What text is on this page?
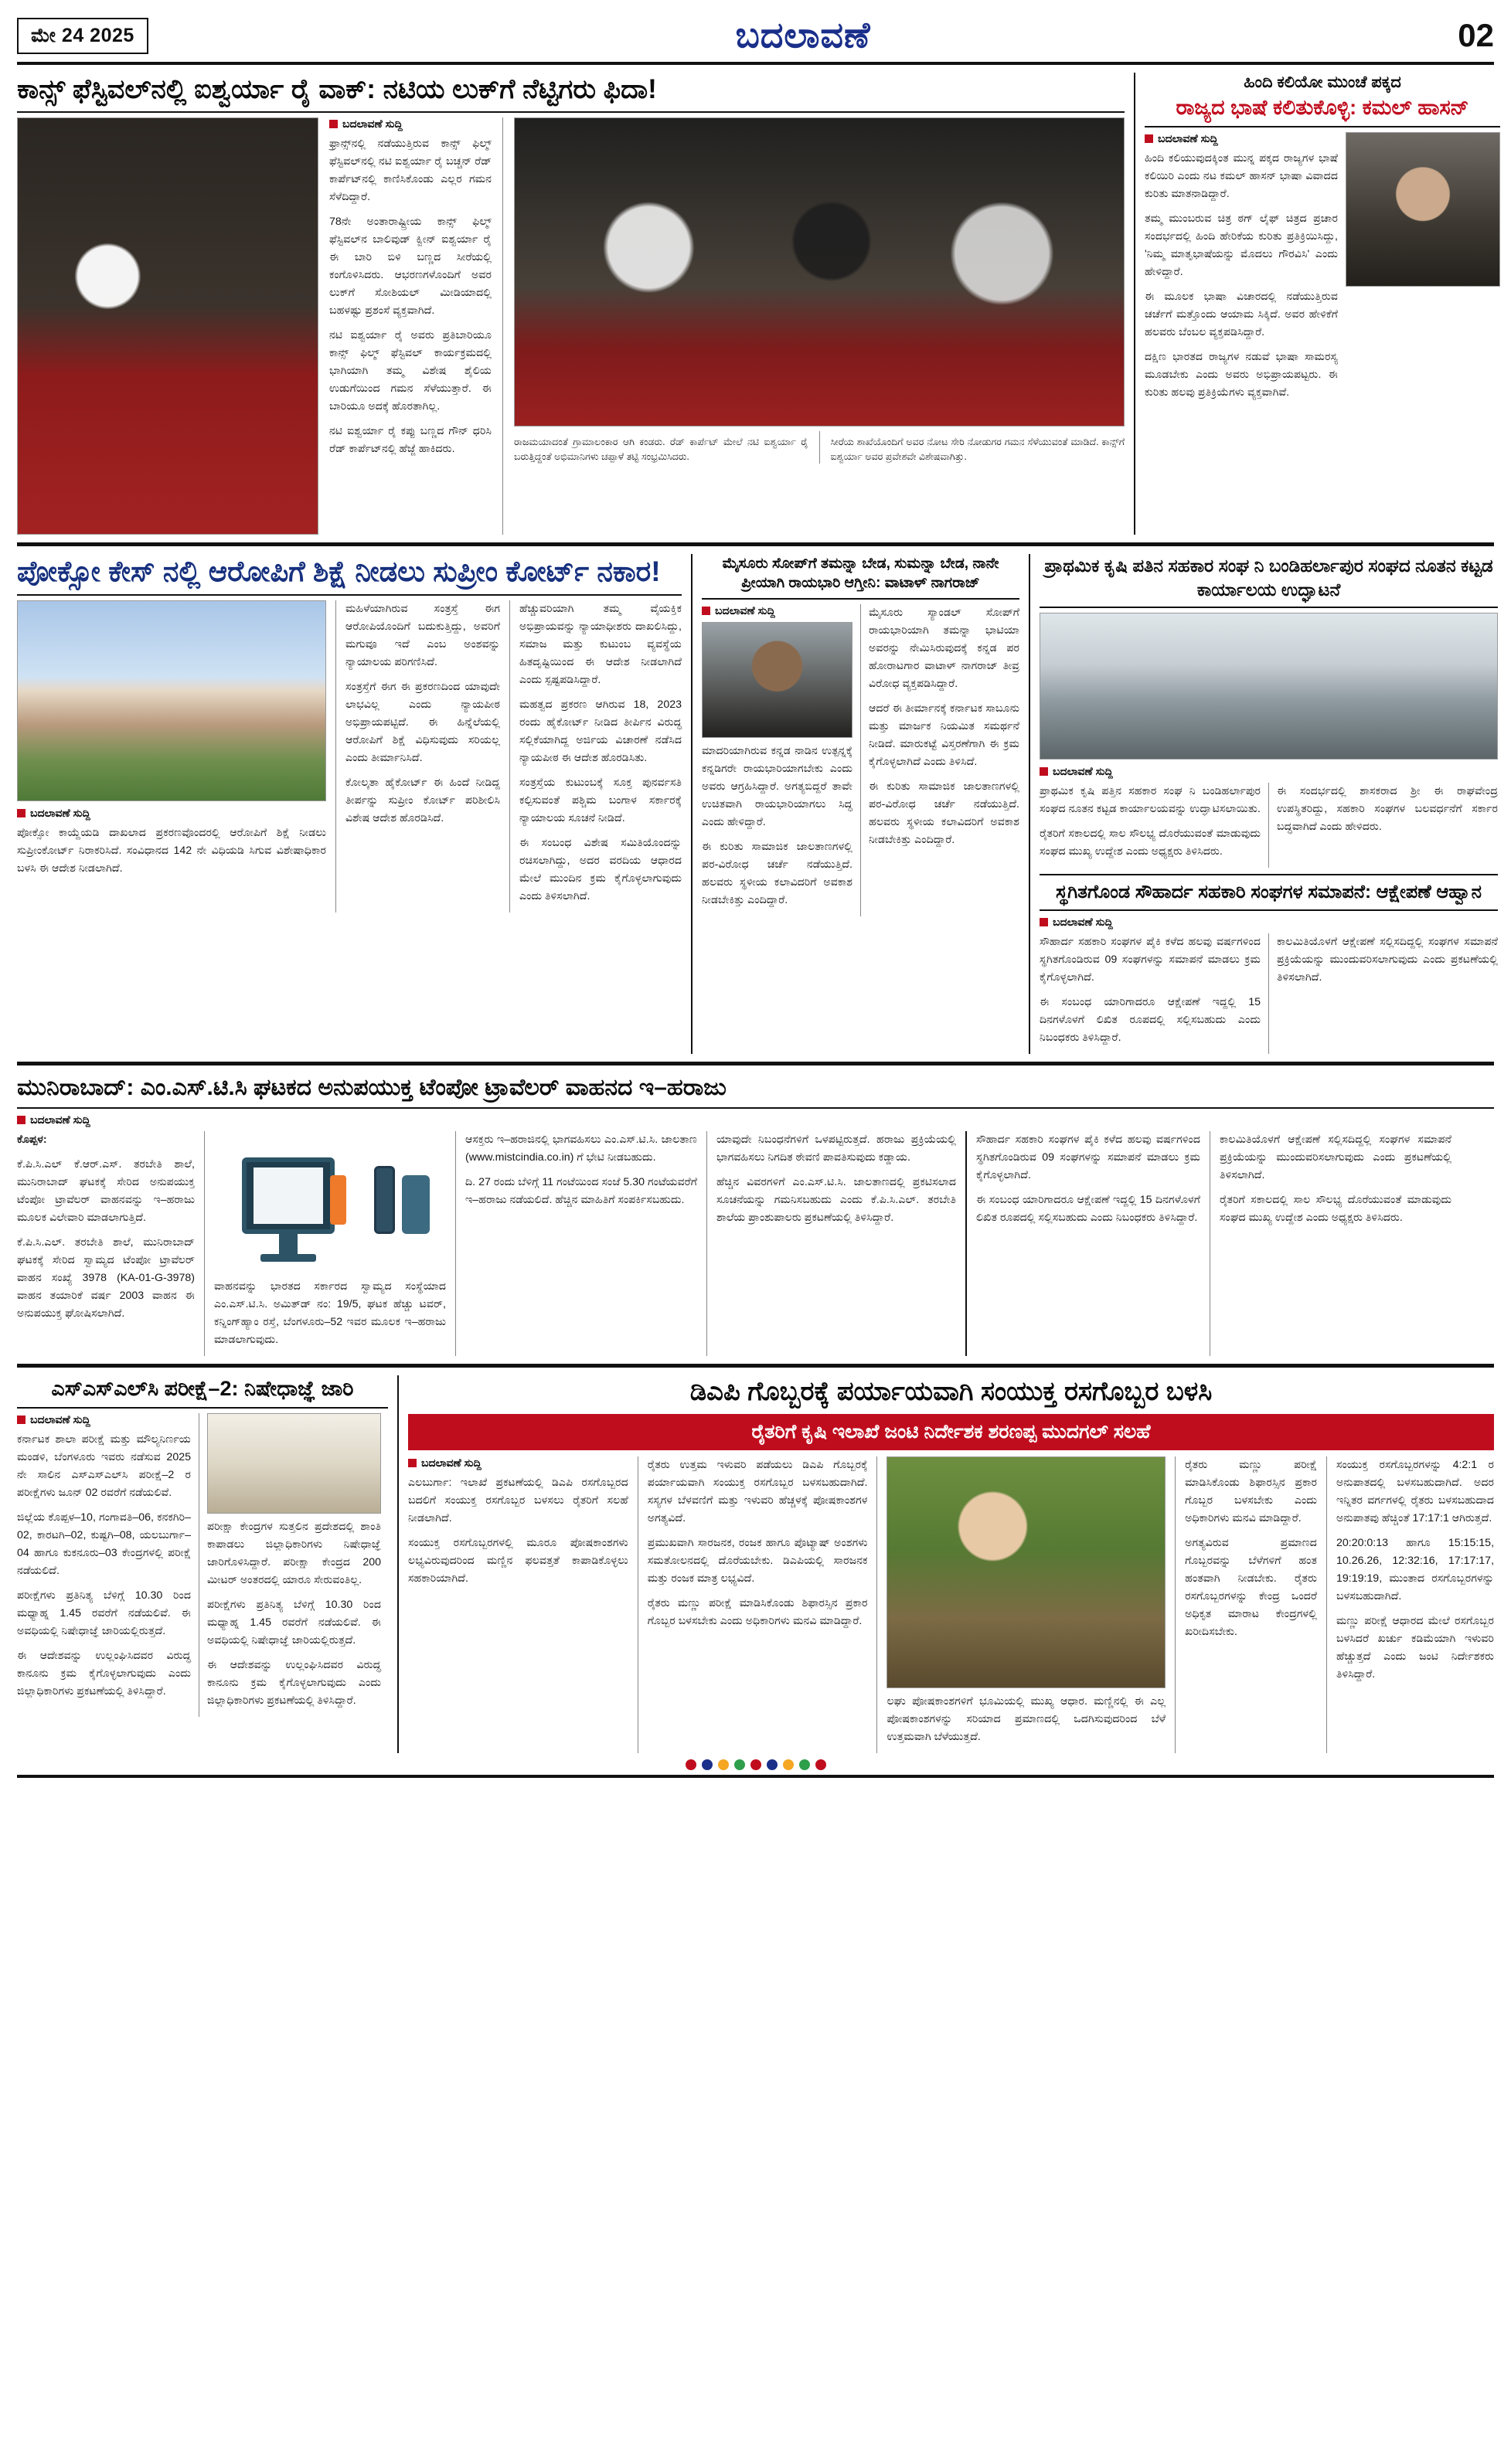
ಮೇ 24 2025	ಬದಲಾವಣೆ	02
ಕಾನ್ಸ್ ಫೆಸ್ಟಿವಲ್‌ನಲ್ಲಿ ಐಶ್ವರ್ಯಾ ರೈ ವಾಕ್: ನಟಿಯ ಲುಕ್‌ಗೆ ನೆಟ್ಟಿಗರು ಫಿದಾ!
ಬದಲಾವಣೆ ಸುದ್ದಿ

ಫ್ರಾನ್ಸ್‌ನಲ್ಲಿ ನಡೆಯುತ್ತಿರುವ ಕಾನ್ಸ್ ಫಿಲ್ಮ್ ಫೆಸ್ಟಿವಲ್‌ನಲ್ಲಿ ನಟಿ ಐಶ್ವರ್ಯಾ ರೈ ಬಚ್ಚನ್ ರೆಡ್ ಕಾರ್ಪೆಟ್‌ನಲ್ಲಿ ಕಾಣಿಸಿಕೊಂಡು ಎಲ್ಲರ ಗಮನ ಸೆಳೆದಿದ್ದಾರೆ.

78ನೇ ಅಂತಾರಾಷ್ಟ್ರೀಯ ಕಾನ್ಸ್ ಫಿಲ್ಮ್ ಫೆಸ್ಟಿವಲ್‌ನ ಬಾಲಿವುಡ್ ಕ್ವೀನ್ ಐಶ್ವರ್ಯಾ ರೈ ಈ ಬಾರಿ ಬಿಳಿ ಬಣ್ಣದ ಸೀರೆಯಲ್ಲಿ ಕಂಗೊಳಿಸಿದರು. ಆಭರಣಗಳೊಂದಿಗೆ ಅವರ ಲುಕ್‌ಗೆ ಸೋಶಿಯಲ್ ಮೀಡಿಯಾದಲ್ಲಿ ಬಹಳಷ್ಟು ಪ್ರಶಂಸೆ ವ್ಯಕ್ತವಾಗಿದೆ.

ನಟಿ ಐಶ್ವರ್ಯಾ ರೈ ಅವರು ಪ್ರತಿಬಾರಿಯೂ ಕಾನ್ಸ್ ಫಿಲ್ಮ್ ಫೆಸ್ಟಿವಲ್ ಕಾರ್ಯಕ್ರಮದಲ್ಲಿ ಭಾಗಿಯಾಗಿ ತಮ್ಮ ವಿಶೇಷ ಶೈಲಿಯ ಉಡುಗೆಯಿಂದ ಗಮನ ಸೆಳೆಯುತ್ತಾರೆ. ಈ ಬಾರಿಯೂ ಅದಕ್ಕೆ ಹೊರತಾಗಿಲ್ಲ.

ನಟಿ ಐಶ್ವರ್ಯಾ ರೈ ಕಪ್ಪು ಬಣ್ಣದ ಗೌನ್ ಧರಿಸಿ ರೆಡ್ ಕಾರ್ಪೆಟ್‌ನಲ್ಲಿ ಹೆಜ್ಜೆ ಹಾಕಿದರು.

ರಾಜಮಯಾದಂತೆ ಗ್ರಾಮಾಲಂಕಾರ ಆಗಿ ಕಂಡರು. ರೆಡ್ ಕಾರ್ಪೆಟ್ ಮೇಲೆ ನಟಿ ಐಶ್ವರ್ಯಾ ರೈ ಬರುತ್ತಿದ್ದಂತೆ ಅಭಿಮಾನಿಗಳು ಚಪ್ಪಾಳೆ ತಟ್ಟಿ ಸಂಭ್ರಮಿಸಿದರು.
ಸೀರೆಯ ಶಾಖೆಯೊಂದಿಗೆ ಅವರ ನೋಟ ಸೇರಿ ನೋಡುಗರ ಗಮನ ಸೆಳೆಯುವಂತೆ ಮಾಡಿದೆ. ಕಾನ್ಸ್‌ಗೆ ಐಶ್ವರ್ಯಾ ಅವರ ಪ್ರವೇಶವೇ ವಿಶೇಷವಾಗಿತ್ತು.
ಹಿಂದಿ ಕಲಿಯೋ ಮುಂಚೆ ಪಕ್ಕದ
ರಾಜ್ಯದ ಭಾಷೆ ಕಲಿತುಕೊಳ್ಳಿ: ಕಮಲ್ ಹಾಸನ್
ಬದಲಾವಣೆ ಸುದ್ದಿ

ಹಿಂದಿ ಕಲಿಯುವುದಕ್ಕಿಂತ ಮುನ್ನ ಪಕ್ಕದ ರಾಜ್ಯಗಳ ಭಾಷೆ ಕಲಿಯಿರಿ ಎಂದು ನಟ ಕಮಲ್ ಹಾಸನ್ ಭಾಷಾ ವಿವಾದದ ಕುರಿತು ಮಾತನಾಡಿದ್ದಾರೆ.

ತಮ್ಮ ಮುಂಬರುವ ಚಿತ್ರ ಠಗ್ ಲೈಫ್ ಚಿತ್ರದ ಪ್ರಚಾರ ಸಂದರ್ಭದಲ್ಲಿ ಹಿಂದಿ ಹೇರಿಕೆಯ ಕುರಿತು ಪ್ರತಿಕ್ರಿಯಿಸಿದ್ದು, 'ನಿಮ್ಮ ಮಾತೃಭಾಷೆಯನ್ನು ಮೊದಲು ಗೌರವಿಸಿ' ಎಂದು ಹೇಳಿದ್ದಾರೆ.

ಈ ಮೂಲಕ ಭಾಷಾ ವಿಚಾರದಲ್ಲಿ ನಡೆಯುತ್ತಿರುವ ಚರ್ಚೆಗೆ ಮತ್ತೊಂದು ಆಯಾಮ ಸಿಕ್ಕಿದೆ. ಅವರ ಹೇಳಿಕೆಗೆ ಹಲವರು ಬೆಂಬಲ ವ್ಯಕ್ತಪಡಿಸಿದ್ದಾರೆ.

ದಕ್ಷಿಣ ಭಾರತದ ರಾಜ್ಯಗಳ ನಡುವೆ ಭಾಷಾ ಸಾಮರಸ್ಯ ಮೂಡಬೇಕು ಎಂದು ಅವರು ಅಭಿಪ್ರಾಯಪಟ್ಟರು. ಈ ಕುರಿತು ಹಲವು ಪ್ರತಿಕ್ರಿಯೆಗಳು ವ್ಯಕ್ತವಾಗಿವೆ.

ಪೋಕ್ಸೋ ಕೇಸ್ ನಲ್ಲಿ ಆರೋಪಿಗೆ ಶಿಕ್ಷೆ ನೀಡಲು ಸುಪ್ರೀಂ ಕೋರ್ಟ್ ನಕಾರ!
ಬದಲಾವಣೆ ಸುದ್ದಿ
ಪೋಕ್ಸೋ ಕಾಯ್ದೆಯಡಿ ದಾಖಲಾದ ಪ್ರಕರಣವೊಂದರಲ್ಲಿ ಆರೋಪಿಗೆ ಶಿಕ್ಷೆ ನೀಡಲು ಸುಪ್ರೀಂಕೋರ್ಟ್ ನಿರಾಕರಿಸಿದೆ. ಸಂವಿಧಾನದ 142 ನೇ ವಿಧಿಯಡಿ ಸಿಗುವ ವಿಶೇಷಾಧಿಕಾರ ಬಳಸಿ ಈ ಆದೇಶ ನೀಡಲಾಗಿದೆ.

ಮಹಿಳೆಯಾಗಿರುವ ಸಂತ್ರಸ್ತೆ ಈಗ ಆರೋಪಿಯೊಂದಿಗೆ ಬದುಕುತ್ತಿದ್ದು, ಅವರಿಗೆ ಮಗುವೂ ಇದೆ ಎಂಬ ಅಂಶವನ್ನು ನ್ಯಾಯಾಲಯ ಪರಿಗಣಿಸಿದೆ.

ಸಂತ್ರಸ್ತೆಗೆ ಈಗ ಈ ಪ್ರಕರಣದಿಂದ ಯಾವುದೇ ಲಾಭವಿಲ್ಲ ಎಂದು ನ್ಯಾಯಪೀಠ ಅಭಿಪ್ರಾಯಪಟ್ಟಿದೆ. ಈ ಹಿನ್ನೆಲೆಯಲ್ಲಿ ಆರೋಪಿಗೆ ಶಿಕ್ಷೆ ವಿಧಿಸುವುದು ಸರಿಯಲ್ಲ ಎಂದು ತೀರ್ಮಾನಿಸಿದೆ.

ಕೋಲ್ಕತಾ ಹೈಕೋರ್ಟ್ ಈ ಹಿಂದೆ ನೀಡಿದ್ದ ತೀರ್ಪನ್ನು ಸುಪ್ರೀಂ ಕೋರ್ಟ್ ಪರಿಶೀಲಿಸಿ ವಿಶೇಷ ಆದೇಶ ಹೊರಡಿಸಿದೆ.

ಹೆಚ್ಚುವರಿಯಾಗಿ ತಮ್ಮ ವೈಯಕ್ತಿಕ ಅಭಿಪ್ರಾಯವನ್ನು ನ್ಯಾಯಾಧೀಶರು ದಾಖಲಿಸಿದ್ದು, ಸಮಾಜ ಮತ್ತು ಕುಟುಂಬ ವ್ಯವಸ್ಥೆಯ ಹಿತದೃಷ್ಟಿಯಿಂದ ಈ ಆದೇಶ ನೀಡಲಾಗಿದೆ ಎಂದು ಸ್ಪಷ್ಟಪಡಿಸಿದ್ದಾರೆ.

ಮಹತ್ವದ ಪ್ರಕರಣ ಆಗಿರುವ 18, 2023 ರಂದು ಹೈಕೋರ್ಟ್ ನೀಡಿದ ತೀರ್ಪಿನ ವಿರುದ್ಧ ಸಲ್ಲಿಕೆಯಾಗಿದ್ದ ಅರ್ಜಿಯ ವಿಚಾರಣೆ ನಡೆಸಿದ ನ್ಯಾಯಪೀಠ ಈ ಆದೇಶ ಹೊರಡಿಸಿತು.

ಸಂತ್ರಸ್ತೆಯ ಕುಟುಂಬಕ್ಕೆ ಸೂಕ್ತ ಪುನರ್ವಸತಿ ಕಲ್ಪಿಸುವಂತೆ ಪಶ್ಚಿಮ ಬಂಗಾಳ ಸರ್ಕಾರಕ್ಕೆ ನ್ಯಾಯಾಲಯ ಸೂಚನೆ ನೀಡಿದೆ.

ಈ ಸಂಬಂಧ ವಿಶೇಷ ಸಮಿತಿಯೊಂದನ್ನು ರಚಿಸಲಾಗಿದ್ದು, ಅದರ ವರದಿಯ ಆಧಾರದ ಮೇಲೆ ಮುಂದಿನ ಕ್ರಮ ಕೈಗೊಳ್ಳಲಾಗುವುದು ಎಂದು ತಿಳಿಸಲಾಗಿದೆ.

ಮೈಸೂರು ಸೋಪ್‌ಗೆ ತಮನ್ನಾ ಬೇಡ, ಸುಮನ್ನಾ ಬೇಡ, ನಾನೇ ಪ್ರೀಯಾಗಿ ರಾಯಭಾರಿ ಆಗ್ತೀನಿ: ವಾಟಾಳ್ ನಾಗರಾಜ್
ಬದಲಾವಣೆ ಸುದ್ದಿ

ಮಾದರಿಯಾಗಿರುವ ಕನ್ನಡ ನಾಡಿನ ಉತ್ಪನ್ನಕ್ಕೆ ಕನ್ನಡಿಗರೇ ರಾಯಭಾರಿಯಾಗಬೇಕು ಎಂದು ಅವರು ಆಗ್ರಹಿಸಿದ್ದಾರೆ. ಅಗತ್ಯಬಿದ್ದರೆ ತಾವೇ ಉಚಿತವಾಗಿ ರಾಯಭಾರಿಯಾಗಲು ಸಿದ್ಧ ಎಂದು ಹೇಳಿದ್ದಾರೆ.

ಈ ಕುರಿತು ಸಾಮಾಜಿಕ ಜಾಲತಾಣಗಳಲ್ಲಿ ಪರ-ವಿರೋಧ ಚರ್ಚೆ ನಡೆಯುತ್ತಿದೆ. ಹಲವರು ಸ್ಥಳೀಯ ಕಲಾವಿದರಿಗೆ ಅವಕಾಶ ನೀಡಬೇಕಿತ್ತು ಎಂದಿದ್ದಾರೆ.

ಮೈಸೂರು ಸ್ಯಾಂಡಲ್ ಸೋಪ್‌ಗೆ ರಾಯಭಾರಿಯಾಗಿ ತಮನ್ನಾ ಭಾಟಿಯಾ ಅವರನ್ನು ನೇಮಿಸಿರುವುದಕ್ಕೆ ಕನ್ನಡ ಪರ ಹೋರಾಟಗಾರ ವಾಟಾಳ್ ನಾಗರಾಜ್ ತೀವ್ರ ವಿರೋಧ ವ್ಯಕ್ತಪಡಿಸಿದ್ದಾರೆ.

ಆದರೆ ಈ ತೀರ್ಮಾನಕ್ಕೆ ಕರ್ನಾಟಕ ಸಾಬೂನು ಮತ್ತು ಮಾರ್ಜಕ ನಿಯಮಿತ ಸಮರ್ಥನೆ ನೀಡಿದೆ. ಮಾರುಕಟ್ಟೆ ವಿಸ್ತರಣೆಗಾಗಿ ಈ ಕ್ರಮ ಕೈಗೊಳ್ಳಲಾಗಿದೆ ಎಂದು ತಿಳಿಸಿದೆ.

ಈ ಕುರಿತು ಸಾಮಾಜಿಕ ಜಾಲತಾಣಗಳಲ್ಲಿ ಪರ-ವಿರೋಧ ಚರ್ಚೆ ನಡೆಯುತ್ತಿದೆ. ಹಲವರು ಸ್ಥಳೀಯ ಕಲಾವಿದರಿಗೆ ಅವಕಾಶ ನೀಡಬೇಕಿತ್ತು ಎಂದಿದ್ದಾರೆ.

ಪ್ರಾಥಮಿಕ ಕೃಷಿ ಪತಿನ ಸಹಕಾರ ಸಂಘ ನಿ ಬಂಡಿಹರ್ಲಾಪುರ ಸಂಘದ ನೂತನ ಕಟ್ಟಡ ಕಾರ್ಯಾಲಯ ಉದ್ಘಾಟನೆ
ಬದಲಾವಣೆ ಸುದ್ದಿ

ಪ್ರಾಥಮಿಕ ಕೃಷಿ ಪತ್ತಿನ ಸಹಕಾರ ಸಂಘ ನಿ ಬಂಡಿಹರ್ಲಾಪುರ ಸಂಘದ ನೂತನ ಕಟ್ಟಡ ಕಾರ್ಯಾಲಯವನ್ನು ಉದ್ಘಾಟಿಸಲಾಯಿತು.

ರೈತರಿಗೆ ಸಕಾಲದಲ್ಲಿ ಸಾಲ ಸೌಲಭ್ಯ ದೊರೆಯುವಂತೆ ಮಾಡುವುದು ಸಂಘದ ಮುಖ್ಯ ಉದ್ದೇಶ ಎಂದು ಅಧ್ಯಕ್ಷರು ತಿಳಿಸಿದರು.

ಈ ಸಂದರ್ಭದಲ್ಲಿ ಶಾಸಕರಾದ ಶ್ರೀ ಈ ರಾಘವೇಂದ್ರ ಉಪಸ್ಥಿತರಿದ್ದು, ಸಹಕಾರಿ ಸಂಘಗಳ ಬಲವರ್ಧನೆಗೆ ಸರ್ಕಾರ ಬದ್ಧವಾಗಿದೆ ಎಂದು ಹೇಳಿದರು.

ಸ್ಥಗಿತಗೊಂಡ ಸೌಹಾರ್ದ ಸಹಕಾರಿ ಸಂಘಗಳ ಸಮಾಪನೆ: ಆಕ್ಷೇಪಣೆ ಆಹ್ವಾನ
ಬದಲಾವಣೆ ಸುದ್ದಿ

ಸೌಹಾರ್ದ ಸಹಕಾರಿ ಸಂಘಗಳ ಪೈಕಿ ಕಳೆದ ಹಲವು ವರ್ಷಗಳಿಂದ ಸ್ಥಗಿತಗೊಂಡಿರುವ 09 ಸಂಘಗಳನ್ನು ಸಮಾಪನೆ ಮಾಡಲು ಕ್ರಮ ಕೈಗೊಳ್ಳಲಾಗಿದೆ.

ಈ ಸಂಬಂಧ ಯಾರಿಗಾದರೂ ಆಕ್ಷೇಪಣೆ ಇದ್ದಲ್ಲಿ 15 ದಿನಗಳೊಳಗೆ ಲಿಖಿತ ರೂಪದಲ್ಲಿ ಸಲ್ಲಿಸಬಹುದು ಎಂದು ನಿಬಂಧಕರು ತಿಳಿಸಿದ್ದಾರೆ.

ಕಾಲಮಿತಿಯೊಳಗೆ ಆಕ್ಷೇಪಣೆ ಸಲ್ಲಿಸದಿದ್ದಲ್ಲಿ ಸಂಘಗಳ ಸಮಾಪನೆ ಪ್ರಕ್ರಿಯೆಯನ್ನು ಮುಂದುವರಿಸಲಾಗುವುದು ಎಂದು ಪ್ರಕಟಣೆಯಲ್ಲಿ ತಿಳಿಸಲಾಗಿದೆ.

ಮುನಿರಾಬಾದ್: ಎಂ.ಎಸ್.ಟಿ.ಸಿ ಘಟಕದ ಅನುಪಯುಕ್ತ ಟೆಂಪೋ ಟ್ರಾವೆಲರ್ ವಾಹನದ ಇ–ಹರಾಜು
ಬದಲಾವಣೆ ಸುದ್ದಿ

ಕೊಪ್ಪಳ:

ಕೆ.ಪಿ.ಸಿ.ಎಲ್ ಕೆ.ಆರ್.ಎಸ್. ತರಬೇತಿ ಶಾಲೆ, ಮುನಿರಾಬಾದ್ ಘಟಕಕ್ಕೆ ಸೇರಿದ ಅನುಪಯುಕ್ತ ಟೆಂಪೋ ಟ್ರಾವೆಲರ್ ವಾಹನವನ್ನು ಇ–ಹರಾಜು ಮೂಲಕ ವಿಲೇವಾರಿ ಮಾಡಲಾಗುತ್ತಿದೆ.

ಕೆ.ಪಿ.ಸಿ.ಎಲ್. ತರಬೇತಿ ಶಾಲೆ, ಮುನಿರಾಬಾದ್ ಘಟಕಕ್ಕೆ ಸೇರಿದ ಸ್ವಾಮ್ಯದ ಟೆಂಪೋ ಟ್ರಾವೆಲರ್ ವಾಹನ ಸಂಖ್ಯೆ 3978 (KA-01-G-3978) ವಾಹನ ತಯಾರಿಕೆ ವರ್ಷ 2003 ವಾಹನ ಈ ಅನುಪಯುಕ್ತ ಘೋಷಿಸಲಾಗಿದೆ.

ವಾಹನವನ್ನು ಭಾರತದ ಸರ್ಕಾರದ ಸ್ವಾಮ್ಯದ ಸಂಸ್ಥೆಯಾದ ಎಂ.ಎಸ್.ಟಿ.ಸಿ. ಅಮಿತ್‌ಡ್ ನಂ: 19/5, ಘಟಕ ಹೆಚ್ಚು ಟವರ್, ಕನ್ನಿಂಗ್‌ಹ್ಯಾಂ ರಸ್ತೆ, ಬೆಂಗಳೂರು–52 ಇವರ ಮೂಲಕ ಇ–ಹರಾಜು ಮಾಡಲಾಗುವುದು.

ಆಸಕ್ತರು ಇ–ಹರಾಜಿನಲ್ಲಿ ಭಾಗವಹಿಸಲು ಎಂ.ಎಸ್.ಟಿ.ಸಿ. ಜಾಲತಾಣ (www.mistcindia.co.in) ಗೆ ಭೇಟಿ ನೀಡಬಹುದು.

ದಿ. 27 ರಂದು ಬೆಳಿಗ್ಗೆ 11 ಗಂಟೆಯಿಂದ ಸಂಜೆ 5.30 ಗಂಟೆಯವರೆಗೆ ಇ–ಹರಾಜು ನಡೆಯಲಿದೆ. ಹೆಚ್ಚಿನ ಮಾಹಿತಿಗೆ ಸಂಪರ್ಕಿಸಬಹುದು.

ಯಾವುದೇ ನಿಬಂಧನೆಗಳಿಗೆ ಒಳಪಟ್ಟಿರುತ್ತದೆ. ಹರಾಜು ಪ್ರಕ್ರಿಯೆಯಲ್ಲಿ ಭಾಗವಹಿಸಲು ನಿಗದಿತ ಠೇವಣಿ ಪಾವತಿಸುವುದು ಕಡ್ಡಾಯ.

ಹೆಚ್ಚಿನ ವಿವರಗಳಿಗೆ ಎಂ.ಎಸ್.ಟಿ.ಸಿ. ಜಾಲತಾಣದಲ್ಲಿ ಪ್ರಕಟಿಸಲಾದ ಸೂಚನೆಯನ್ನು ಗಮನಿಸಬಹುದು ಎಂದು ಕೆ.ಪಿ.ಸಿ.ಎಲ್. ತರಬೇತಿ ಶಾಲೆಯ ಪ್ರಾಂಶುಪಾಲರು ಪ್ರಕಟಣೆಯಲ್ಲಿ ತಿಳಿಸಿದ್ದಾರೆ.

ಸೌಹಾರ್ದ ಸಹಕಾರಿ ಸಂಘಗಳ ಪೈಕಿ ಕಳೆದ ಹಲವು ವರ್ಷಗಳಿಂದ ಸ್ಥಗಿತಗೊಂಡಿರುವ 09 ಸಂಘಗಳನ್ನು ಸಮಾಪನೆ ಮಾಡಲು ಕ್ರಮ ಕೈಗೊಳ್ಳಲಾಗಿದೆ.

ಈ ಸಂಬಂಧ ಯಾರಿಗಾದರೂ ಆಕ್ಷೇಪಣೆ ಇದ್ದಲ್ಲಿ 15 ದಿನಗಳೊಳಗೆ ಲಿಖಿತ ರೂಪದಲ್ಲಿ ಸಲ್ಲಿಸಬಹುದು ಎಂದು ನಿಬಂಧಕರು ತಿಳಿಸಿದ್ದಾರೆ.

ಕಾಲಮಿತಿಯೊಳಗೆ ಆಕ್ಷೇಪಣೆ ಸಲ್ಲಿಸದಿದ್ದಲ್ಲಿ ಸಂಘಗಳ ಸಮಾಪನೆ ಪ್ರಕ್ರಿಯೆಯನ್ನು ಮುಂದುವರಿಸಲಾಗುವುದು ಎಂದು ಪ್ರಕಟಣೆಯಲ್ಲಿ ತಿಳಿಸಲಾಗಿದೆ.

ರೈತರಿಗೆ ಸಕಾಲದಲ್ಲಿ ಸಾಲ ಸೌಲಭ್ಯ ದೊರೆಯುವಂತೆ ಮಾಡುವುದು ಸಂಘದ ಮುಖ್ಯ ಉದ್ದೇಶ ಎಂದು ಅಧ್ಯಕ್ಷರು ತಿಳಿಸಿದರು.

ಎಸ್‌ಎಸ್‌ಎಲ್‌ಸಿ ಪರೀಕ್ಷೆ–2: ನಿಷೇಧಾಜ್ಞೆ ಜಾರಿ
ಬದಲಾವಣೆ ಸುದ್ದಿ

ಕರ್ನಾಟಕ ಶಾಲಾ ಪರೀಕ್ಷೆ ಮತ್ತು ಮೌಲ್ಯನಿರ್ಣಯ ಮಂಡಳಿ, ಬೆಂಗಳೂರು ಇವರು ನಡೆಸುವ 2025 ನೇ ಸಾಲಿನ ಎಸ್‌ಎಸ್‌ಎಲ್‌ಸಿ ಪರೀಕ್ಷೆ–2 ರ ಪರೀಕ್ಷೆಗಳು ಜೂನ್ 02 ರವರೆಗೆ ನಡೆಯಲಿವೆ.

ಜಿಲ್ಲೆಯ ಕೊಪ್ಪಳ–10, ಗಂಗಾವತಿ–06, ಕನಕಗಿರಿ–02, ಕಾರಟಗಿ–02, ಕುಷ್ಟಗಿ–08, ಯಲಬುರ್ಗಾ–04 ಹಾಗೂ ಕುಕನೂರು–03 ಕೇಂದ್ರಗಳಲ್ಲಿ ಪರೀಕ್ಷೆ ನಡೆಯಲಿದೆ.

ಪರೀಕ್ಷೆಗಳು ಪ್ರತಿನಿತ್ಯ ಬೆಳಿಗ್ಗೆ 10.30 ರಿಂದ ಮಧ್ಯಾಹ್ನ 1.45 ರವರೆಗೆ ನಡೆಯಲಿವೆ. ಈ ಅವಧಿಯಲ್ಲಿ ನಿಷೇಧಾಜ್ಞೆ ಜಾರಿಯಲ್ಲಿರುತ್ತದೆ.

ಈ ಆದೇಶವನ್ನು ಉಲ್ಲಂಘಿಸಿದವರ ವಿರುದ್ಧ ಕಾನೂನು ಕ್ರಮ ಕೈಗೊಳ್ಳಲಾಗುವುದು ಎಂದು ಜಿಲ್ಲಾಧಿಕಾರಿಗಳು ಪ್ರಕಟಣೆಯಲ್ಲಿ ತಿಳಿಸಿದ್ದಾರೆ.

ಪರೀಕ್ಷಾ ಕೇಂದ್ರಗಳ ಸುತ್ತಲಿನ ಪ್ರದೇಶದಲ್ಲಿ ಶಾಂತಿ ಕಾಪಾಡಲು ಜಿಲ್ಲಾಧಿಕಾರಿಗಳು ನಿಷೇಧಾಜ್ಞೆ ಜಾರಿಗೊಳಿಸಿದ್ದಾರೆ. ಪರೀಕ್ಷಾ ಕೇಂದ್ರದ 200 ಮೀಟರ್ ಅಂತರದಲ್ಲಿ ಯಾರೂ ಸೇರುವಂತಿಲ್ಲ.

ಪರೀಕ್ಷೆಗಳು ಪ್ರತಿನಿತ್ಯ ಬೆಳಿಗ್ಗೆ 10.30 ರಿಂದ ಮಧ್ಯಾಹ್ನ 1.45 ರವರೆಗೆ ನಡೆಯಲಿವೆ. ಈ ಅವಧಿಯಲ್ಲಿ ನಿಷೇಧಾಜ್ಞೆ ಜಾರಿಯಲ್ಲಿರುತ್ತದೆ.

ಈ ಆದೇಶವನ್ನು ಉಲ್ಲಂಘಿಸಿದವರ ವಿರುದ್ಧ ಕಾನೂನು ಕ್ರಮ ಕೈಗೊಳ್ಳಲಾಗುವುದು ಎಂದು ಜಿಲ್ಲಾಧಿಕಾರಿಗಳು ಪ್ರಕಟಣೆಯಲ್ಲಿ ತಿಳಿಸಿದ್ದಾರೆ.

ಡಿಎಪಿ ಗೊಬ್ಬರಕ್ಕೆ ಪರ್ಯಾಯವಾಗಿ ಸಂಯುಕ್ತ ರಸಗೊಬ್ಬರ ಬಳಸಿ
ರೈತರಿಗೆ ಕೃಷಿ ಇಲಾಖೆ ಜಂಟಿ ನಿರ್ದೇಶಕ ಶರಣಪ್ಪ ಮುದಗಲ್ ಸಲಹೆ
ಬದಲಾವಣೆ ಸುದ್ದಿ

ಎಲಬುರ್ಗಾ: ಇಲಾಖೆ ಪ್ರಕಟಣೆಯಲ್ಲಿ ಡಿಎಪಿ ರಸಗೊಬ್ಬರದ ಬದಲಿಗೆ ಸಂಯುಕ್ತ ರಸಗೊಬ್ಬರ ಬಳಸಲು ರೈತರಿಗೆ ಸಲಹೆ ನೀಡಲಾಗಿದೆ.

ಸಂಯುಕ್ತ ರಸಗೊಬ್ಬರಗಳಲ್ಲಿ ಮೂರೂ ಪೋಷಕಾಂಶಗಳು ಲಭ್ಯವಿರುವುದರಿಂದ ಮಣ್ಣಿನ ಫಲವತ್ತತೆ ಕಾಪಾಡಿಕೊಳ್ಳಲು ಸಹಕಾರಿಯಾಗಿದೆ.

ರೈತರು ಉತ್ತಮ ಇಳುವರಿ ಪಡೆಯಲು ಡಿಎಪಿ ಗೊಬ್ಬರಕ್ಕೆ ಪರ್ಯಾಯವಾಗಿ ಸಂಯುಕ್ತ ರಸಗೊಬ್ಬರ ಬಳಸಬಹುದಾಗಿದೆ. ಸಸ್ಯಗಳ ಬೆಳವಣಿಗೆ ಮತ್ತು ಇಳುವರಿ ಹೆಚ್ಚಳಕ್ಕೆ ಪೋಷಕಾಂಶಗಳ ಅಗತ್ಯವಿದೆ.

ಪ್ರಮುಖವಾಗಿ ಸಾರಜನಕ, ರಂಜಕ ಹಾಗೂ ಪೊಟ್ಯಾಷ್ ಅಂಶಗಳು ಸಮತೋಲನದಲ್ಲಿ ದೊರೆಯಬೇಕು. ಡಿಎಪಿಯಲ್ಲಿ ಸಾರಜನಕ ಮತ್ತು ರಂಜಕ ಮಾತ್ರ ಲಭ್ಯವಿದೆ.

ರೈತರು ಮಣ್ಣು ಪರೀಕ್ಷೆ ಮಾಡಿಸಿಕೊಂಡು ಶಿಫಾರಸ್ಸಿನ ಪ್ರಕಾರ ಗೊಬ್ಬರ ಬಳಸಬೇಕು ಎಂದು ಅಧಿಕಾರಿಗಳು ಮನವಿ ಮಾಡಿದ್ದಾರೆ.

ಲಘು ಪೋಷಕಾಂಶಗಳಿಗೆ ಭೂಮಿಯಲ್ಲಿ ಮುಖ್ಯ ಆಧಾರ. ಮಣ್ಣಿನಲ್ಲಿ ಈ ಎಲ್ಲ ಪೋಷಕಾಂಶಗಳನ್ನು ಸರಿಯಾದ ಪ್ರಮಾಣದಲ್ಲಿ ಒದಗಿಸುವುದರಿಂದ ಬೆಳೆ ಉತ್ತಮವಾಗಿ ಬೆಳೆಯುತ್ತದೆ.

ರೈತರು ಮಣ್ಣು ಪರೀಕ್ಷೆ ಮಾಡಿಸಿಕೊಂಡು ಶಿಫಾರಸ್ಸಿನ ಪ್ರಕಾರ ಗೊಬ್ಬರ ಬಳಸಬೇಕು ಎಂದು ಅಧಿಕಾರಿಗಳು ಮನವಿ ಮಾಡಿದ್ದಾರೆ.

ಅಗತ್ಯವಿರುವ ಪ್ರಮಾಣದ ಗೊಬ್ಬರವನ್ನು ಬೆಳೆಗಳಿಗೆ ಹಂತ ಹಂತವಾಗಿ ನೀಡಬೇಕು. ರೈತರು ರಸಗೊಬ್ಬರಗಳನ್ನು ಕೇಂದ್ರ ಒಂದರೆ ಅಧಿಕೃತ ಮಾರಾಟ ಕೇಂದ್ರಗಳಲ್ಲಿ ಖರೀದಿಸಬೇಕು.

ಸಂಯುಕ್ತ ರಸಗೊಬ್ಬರಗಳನ್ನು 4:2:1 ರ ಅನುಪಾತದಲ್ಲಿ ಬಳಸಬಹುದಾಗಿದೆ. ಅದರ ಇನ್ನಿತರ ವರ್ಗಗಳಲ್ಲಿ ರೈತರು ಬಳಸಬಹುದಾದ ಅನುಪಾತವು ಹೆಚ್ಚಿಂತೆ 17:17:1 ಆಗಿರುತ್ತದೆ.

20:20:0:13 ಹಾಗೂ 15:15:15, 10.26.26, 12:32:16, 17:17:17, 19:19:19, ಮುಂತಾದ ರಸಗೊಬ್ಬರಗಳನ್ನು ಬಳಸಬಹುದಾಗಿದೆ.

ಮಣ್ಣು ಪರೀಕ್ಷೆ ಆಧಾರದ ಮೇಲೆ ರಸಗೊಬ್ಬರ ಬಳಸಿದರೆ ಖರ್ಚು ಕಡಿಮೆಯಾಗಿ ಇಳುವರಿ ಹೆಚ್ಚುತ್ತದೆ ಎಂದು ಜಂಟಿ ನಿರ್ದೇಶಕರು ತಿಳಿಸಿದ್ದಾರೆ.
